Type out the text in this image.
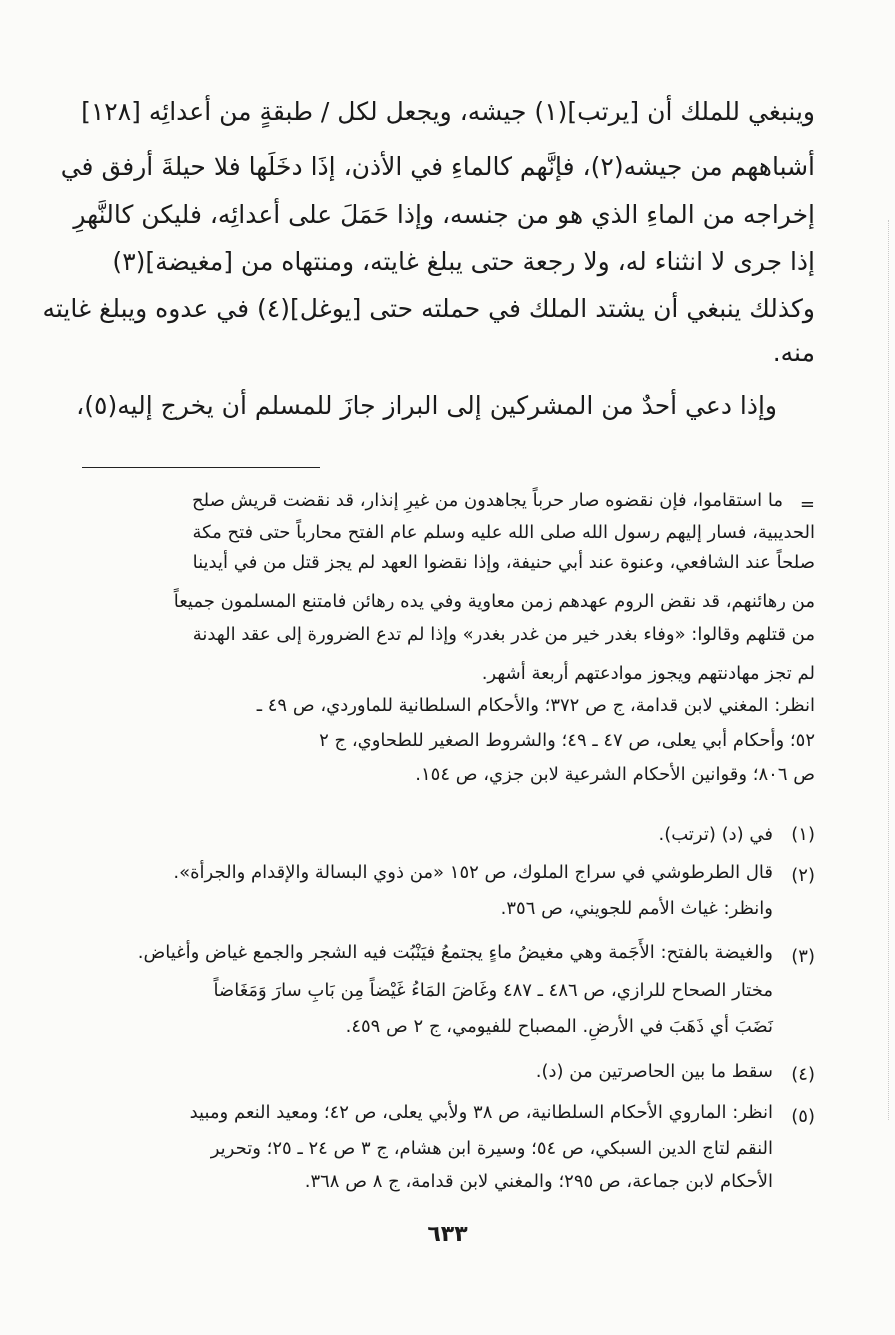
وينبغي للملك أن [يرتب](١) جيشه، ويجعل لكل / طبقةٍ من أعدائِه [١٢٨]
أشباههم من جيشه(٢)، فإنَّهم كالماءِ في الأذن، إذَا دخَلَها فلا حيلةَ أرفق في
إخراجه من الماءِ الذي هو من جنسه، وإذا حَمَلَ على أعدائِه، فليكن كالنَّهرِ
إذا جرى لا انثناء له، ولا رجعة حتى يبلغ غايته، ومنتهاه من [مغيضة](٣)
وكذلك ينبغي أن يشتد الملك في حملته حتى [يوغل](٤) في عدوه ويبلغ غايته
منه.
وإذا دعي أحدٌ من المشركين إلى البراز جازَ للمسلم أن يخرج إليه(٥)،
=
ما استقاموا، فإن نقضوه صار حرباً يجاهدون من غيرِ إنذار، قد نقضت قريش صلح
الحديبية، فسار إليهم رسول الله صلى الله عليه وسلم عام الفتح محارباً حتى فتح مكة
صلحاً عند الشافعي، وعنوة عند أبي حنيفة، وإذا نقضوا العهد لم يجز قتل من في أيدينا
من رهائنهم، قد نقض الروم عهدهم زمن معاوية وفي يده رهائن فامتنع المسلمون جميعاً
من قتلهم وقالوا: «وفاء بغدر خير من غدر بغدر» وإذا لم تدع الضرورة إلى عقد الهدنة
لم تجز مهادنتهم ويجوز موادعتهم أربعة أشهر.
انظر: المغني لابن قدامة، ج ص ٣٧٢؛ والأحكام السلطانية للماوردي، ص ٤٩ ـ
٥٢؛ وأحكام أبي يعلى، ص ٤٧ ـ ٤٩؛ والشروط الصغير للطحاوي، ج ٢
ص ٨٠٦؛ وقوانين الأحكام الشرعية لابن جزي، ص ١٥٤.
(١)
في (د) (ترتب).
(٢)
قال الطرطوشي في سراج الملوك، ص ١٥٢ «من ذوي البسالة والإقدام والجرأة».
وانظر: غياث الأمم للجويني، ص ٣٥٦.
(٣)
والغيضة بالفتح: الأَجَمة وهي مغيضُ ماءٍ يجتمعُ فيَنْبُت فيه الشجر والجمع غياض وأغياض.
مختار الصحاح للرازي، ص ٤٨٦ ـ ٤٨٧ وغَاضَ المَاءُ غَيْضاً مِن بَابِ سارَ وَمَغَاضاً
نَضَبَ أي ذَهَبَ في الأرضِ. المصباح للفيومي، ج ٢ ص ٤٥٩.
(٤)
سقط ما بين الحاصرتين من (د).
(٥)
انظر: الماروي الأحكام السلطانية، ص ٣٨ ولأبي يعلى، ص ٤٢؛ ومعيد النعم ومبيد
النقم لتاج الدين السبكي، ص ٥٤؛ وسيرة ابن هشام، ج ٣ ص ٢٤ ـ ٢٥؛ وتحرير
الأحكام لابن جماعة، ص ٢٩٥؛ والمغني لابن قدامة، ج ٨ ص ٣٦٨.
٦٣٣
